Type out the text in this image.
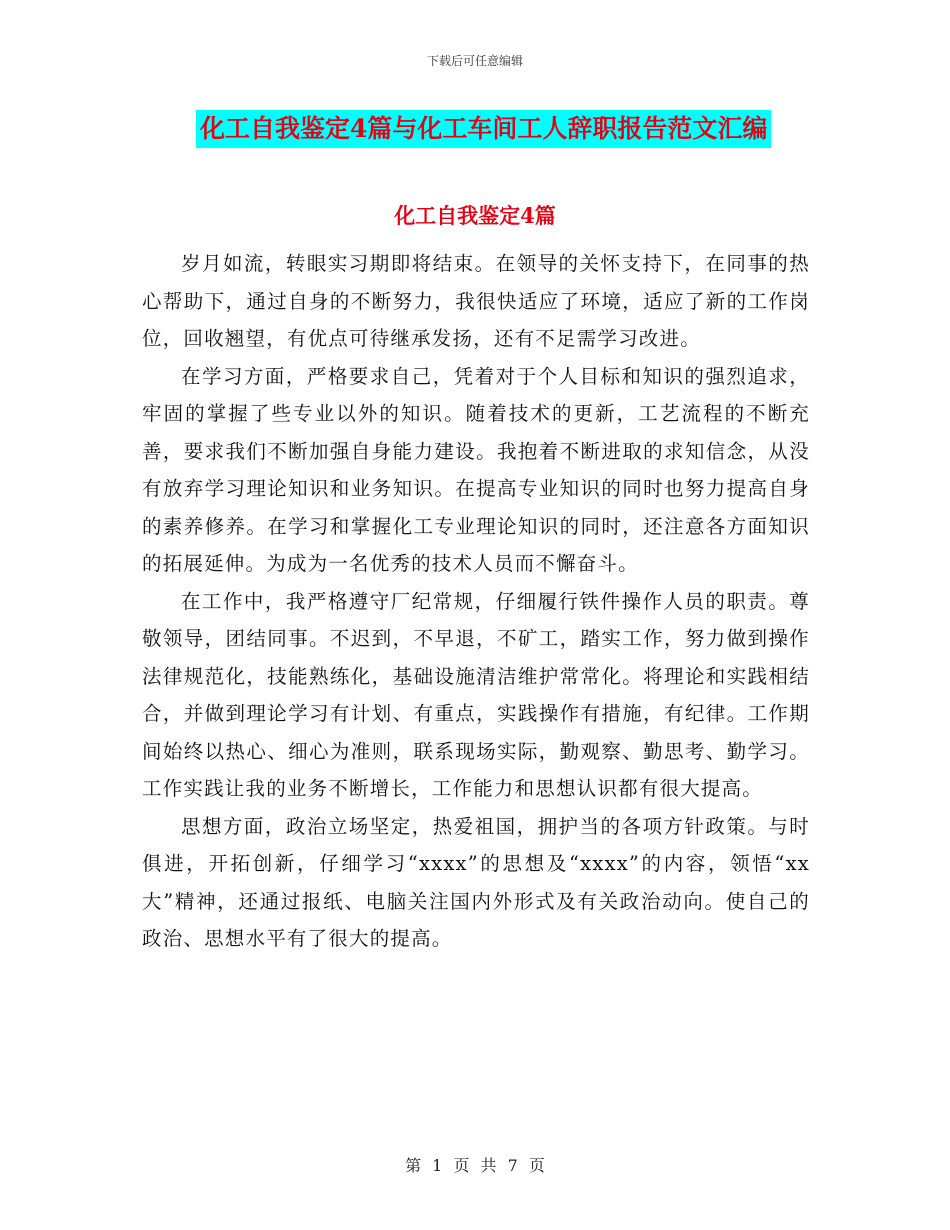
下载后可任意编辑
化工自我鉴定4篇与化工车间工人辞职报告范文汇编
化工自我鉴定4篇

岁月如流，转眼实习期即将结束。在领导的关怀支持下，在同事的热心帮助下，通过自身的不断努力，我很快适应了环境，适应了新的工作岗位，回收翘望，有优点可待继承发扬，还有不足需学习改进。

在学习方面，严格要求自己，凭着对于个人目标和知识的强烈追求，牢固的掌握了些专业以外的知识。随着技术的更新，工艺流程的不断充善，要求我们不断加强自身能力建设。我抱着不断进取的求知信念，从没有放弃学习理论知识和业务知识。在提高专业知识的同时也努力提高自身的素养修养。在学习和掌握化工专业理论知识的同时，还注意各方面知识的拓展延伸。为成为一名优秀的技术人员而不懈奋斗。

在工作中，我严格遵守厂纪常规，仔细履行铁件操作人员的职责。尊敬领导，团结同事。不迟到，不早退，不矿工，踏实工作，努力做到操作法律规范化，技能熟练化，基础设施清洁维护常常化。将理论和实践相结合，并做到理论学习有计划、有重点，实践操作有措施，有纪律。工作期间始终以热心、细心为准则，联系现场实际，勤观察、勤思考、勤学习。工作实践让我的业务不断增长，工作能力和思想认识都有很大提高。

思想方面，政治立场坚定，热爱祖国，拥护当的各项方针政策。与时俱进，开拓创新，仔细学习“xxxx”的思想及“xxxx”的内容，领悟“xx大”精神，还通过报纸、电脑关注国内外形式及有关政治动向。使自己的政治、思想水平有了很大的提高。

第 1 页 共 7 页
